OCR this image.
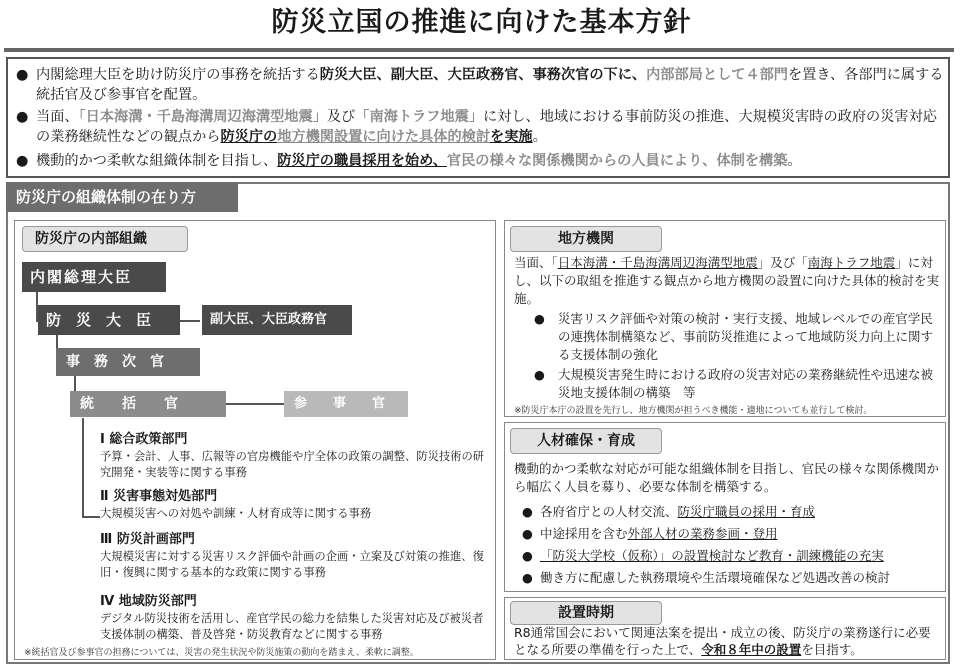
防災立国の推進に向けた基本方針
● 内閣総理大臣を助け防災庁の事務を統括する防災大臣、副大臣、大臣政務官、事務次官の下に、内部部局として４部門を置き、各部門に属する統括官及び参事官を配置。
● 当面、「日本海溝・千島海溝周辺海溝型地震」及び「南海トラフ地震」に対し、地域における事前防災の推進、大規模災害時の政府の災害対応の業務継続性などの観点から防災庁の地方機関設置に向けた具体的検討を実施。
● 機動的かつ柔軟な組織体制を目指し、防災庁の職員採用を始め、官民の様々な関係機関からの人員により、体制を構築。
防災庁の組織体制の在り方
防災庁の内部組織
内閣総理大臣
防　災　大　臣	副大臣、大臣政務官
事　務　次　官
統　　括　　官	参　　事　　官
Ⅰ 総合政策部門
予算・会計、人事、広報等の官房機能や庁全体の政策の調整、防災技術の研究開発・実装等に関する事務
Ⅱ 災害事態対処部門
大規模災害への対処や訓練・人材育成等に関する事務
Ⅲ 防災計画部門
大規模災害に対する災害リスク評価や計画の企画・立案及び対策の推進、復旧・復興に関する基本的な政策に関する事務
Ⅳ 地域防災部門
デジタル防災技術を活用し、産官学民の総力を結集した災害対応及び被災者支援体制の構築、普及啓発・防災教育などに関する事務
※統括官及び参事官の担務については、災害の発生状況や防災施策の動向を踏まえ、柔軟に調整。
地方機関
当面、「日本海溝・千島海溝周辺海溝型地震」及び「南海トラフ地震」に対し、以下の取組を推進する観点から地方機関の設置に向けた具体的検討を実施。
● 災害リスク評価や対策の検討・実行支援、地域レベルでの産官学民の連携体制構築など、事前防災推進によって地域防災力向上に関する支援体制の強化
● 大規模災害発生時における政府の災害対応の業務継続性や迅速な被災地支援体制の構築　等
※防災庁本庁の設置を先行し、地方機関が担うべき機能・適地についても並行して検討。
人材確保・育成
機動的かつ柔軟な対応が可能な組織体制を目指し、官民の様々な関係機関から幅広く人員を募り、必要な体制を構築する。
● 各府省庁との人材交流、防災庁職員の採用・育成
● 中途採用を含む外部人材の業務参画・登用
● 「防災大学校（仮称）」の設置検討など教育・訓練機能の充実
● 働き方に配慮した執務環境や生活環境確保など処遇改善の検討
設置時期
R8通常国会において関連法案を提出・成立の後、防災庁の業務遂行に必要となる所要の準備を行った上で、令和８年中の設置を目指す。
